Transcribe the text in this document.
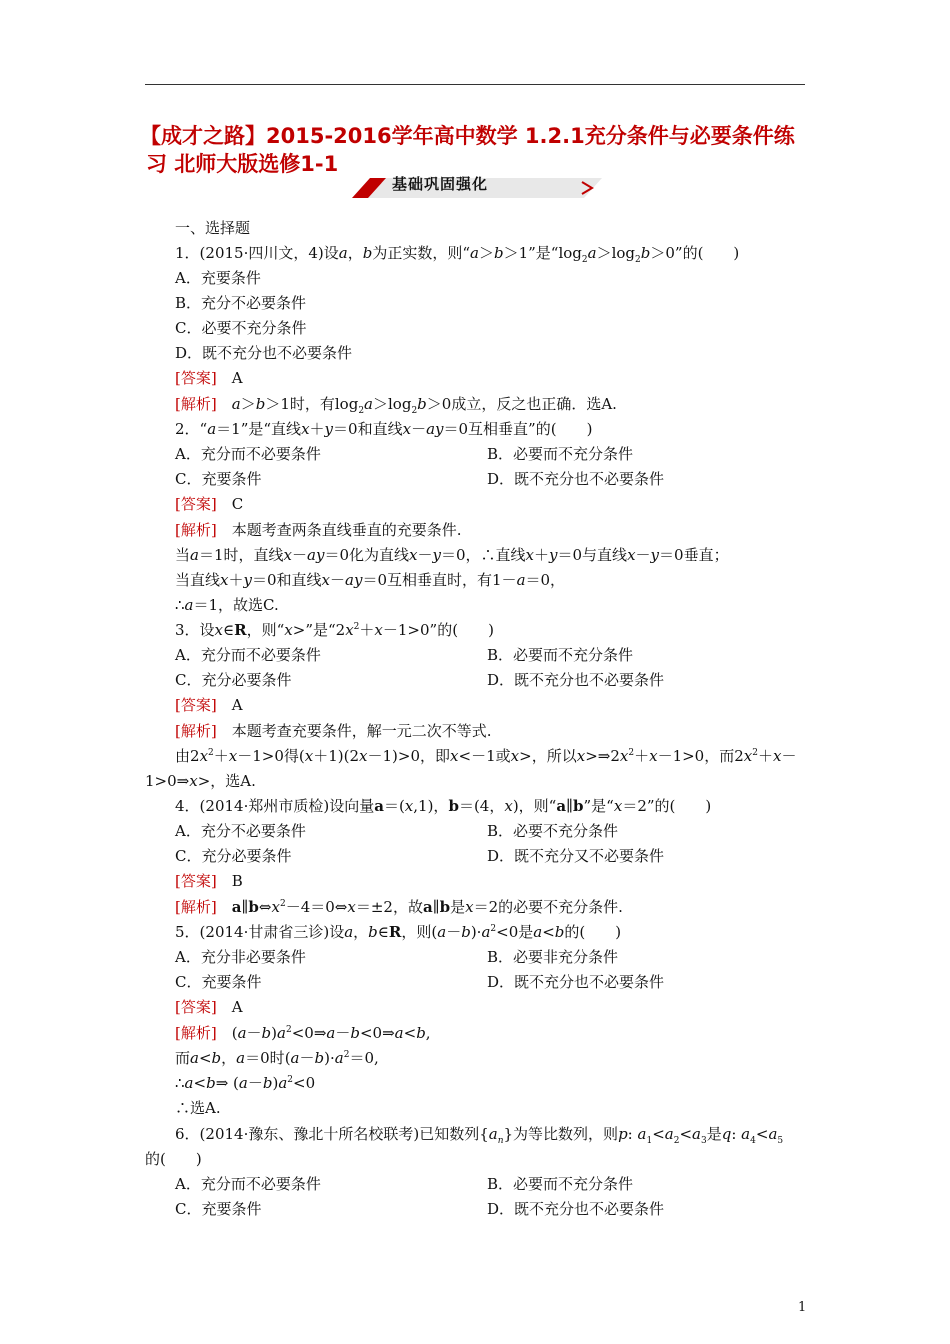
【成才之路】2015-2016学年高中数学 1.2.1充分条件与必要条件练
习 北师大版选修1-1
基础巩固强化
一、选择题
1．(2015·四川文，4)设a，b为正实数，则“a＞b＞1”是“$\log_2a>\log_2b>0$”的(　　)
A．充要条件
B．充分不必要条件
C．必要不充分条件
D．既不充分也不必要条件
[答案]　 A
[解析]　 a＞b＞1时，有$\log_2a>\log_2b>0$成立，反之也正确．选A.
2．“a＝1”是“直线x＋y＝0和直线x－ay＝0互相垂直”的(　　)
A．充分而不必要条件	B．必要而不充分条件
C．充要条件	D．既不充分也不必要条件
[答案]　 C
[解析]　 本题考查两条直线垂直的充要条件.
当a＝1时，直线x－ay＝0化为直线x－y＝0，∴直线x＋y＝0与直线x－y＝0垂直；
当直线x＋y＝0和直线x－ay＝0互相垂直时，有1－a＝0，
∴a＝1，故选C.
3．设x∈R，则“x>”是“$2x^2+x-1>0$”的(　　)
A．充分而不必要条件	B．必要而不充分条件
C．充分必要条件	D．既不充分也不必要条件
[答案]　 A
[解析]　 本题考查充要条件，解一元二次不等式.
由$2x^2+x-1>0$得(x＋1)(2x－1)>0，即x<－1或x>，所以$x>\Rightarrow 2x^2+x-1>0$，而$2x^2+x-$
1>0⇒x>，选A.
4．(2014·郑州市质检)设向量a＝(x,1)，b＝(4，x)，则“a∥b”是“x＝2”的(　　)
A．充分不必要条件	B．必要不充分条件
C．充分必要条件	D．既不充分又不必要条件
[答案]　 B
[解析]　 $a\parallel b\Leftrightarrow x^2-4=0\Leftrightarrow x=\pm 2$，故a∥b是x＝2的必要不充分条件.
5．(2014·甘肃省三诊)设a，b∈R，则$(a-b)\cdot a^2<0$是a<b的(　　)
A．充分非必要条件	B．必要非充分条件
C．充要条件	D．既不充分也不必要条件
[答案]　 A
[解析]　$(a-b)a^2<0\Rightarrow a-b<0\Rightarrow a<b$,
而a<b，a＝0时$(a-b)\cdot a^2=0$,
∴a<b⇒ $(a-b)a^2<0$
∴选A.
6．(2014·豫东、豫北十所名校联考)已知数列$\{a_n\}$为等比数列，则p: $a_1<a_2<a_3$是q: $a_4<a_5$
的(　　)
A．充分而不必要条件	B．必要而不充分条件
C．充要条件	D．既不充分也不必要条件
1
